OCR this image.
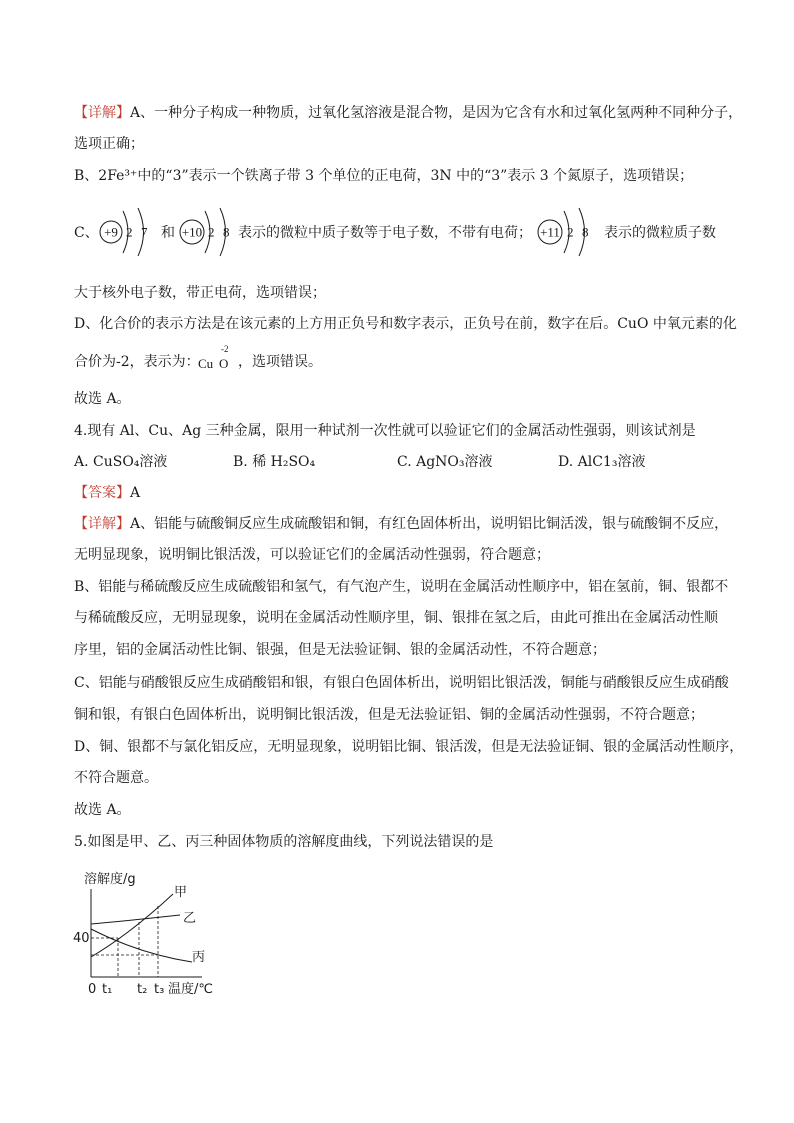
【详解】A、一种分子构成一种物质，过氧化氢溶液是混合物，是因为它含有水和过氧化氢两种不同种分子，
选项正确；
B、2Fe³⁺中的“3”表示一个铁离子带 3 个单位的正电荷，3N 中的“3”表示 3 个氮原子，选项错误；
C、 +9 2 7 和 +10 2 8 表示的微粒中质子数等于电子数，不带有电荷； +11 2 8 表示的微粒质子数
大于核外电子数，带正电荷，选项错误；
D、化合价的表示方法是在该元素的上方用正负号和数字表示，正负号在前，数字在后。CuO 中氧元素的化
合价为-2，表示为：
Cu
-2
O ，选项错误。
故选 A。
4.现有 Al、Cu、Ag 三种金属，限用一种试剂一次性就可以验证它们的金属活动性强弱，则该试剂是
A. CuSO₄溶液	B. 稀 H₂SO₄	C. AgNO₃溶液	D. AlC1₃溶液
【答案】A
【详解】A、铝能与硫酸铜反应生成硫酸铝和铜，有红色固体析出，说明铝比铜活泼，银与硫酸铜不反应，
无明显现象，说明铜比银活泼，可以验证它们的金属活动性强弱，符合题意；
B、铝能与稀硫酸反应生成硫酸铝和氢气，有气泡产生，说明在金属活动性顺序中，铝在氢前，铜、银都不
与稀硫酸反应，无明显现象，说明在金属活动性顺序里，铜、银排在氢之后，由此可推出在金属活动性顺
序里，铝的金属活动性比铜、银强，但是无法验证铜、银的金属活动性，不符合题意；
C、铝能与硝酸银反应生成硝酸铝和银，有银白色固体析出，说明铝比银活泼，铜能与硝酸银反应生成硝酸
铜和银，有银白色固体析出，说明铜比银活泼，但是无法验证铝、铜的金属活动性强弱，不符合题意；
D、铜、银都不与氯化铝反应，无明显现象，说明铝比铜、银活泼，但是无法验证铜、银的金属活动性顺序，
不符合题意。
故选 A。
5.如图是甲、乙、丙三种固体物质的溶解度曲线，下列说法错误的是
溶解度/g
甲
乙
丙
40
0 t₁ t₂ t₃ 温度/℃
